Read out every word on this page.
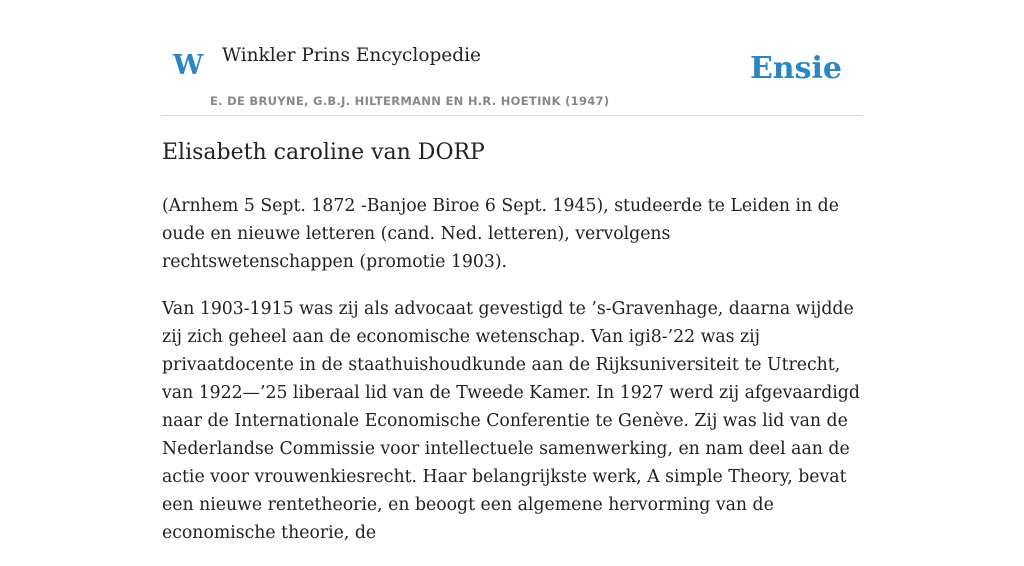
W Winkler Prins Encyclopedie
E. DE BRUYNE, G.B.J. HILTERMANN EN H.R. HOETINK (1947)
Ensie
Elisabeth caroline van DORP

(Arnhem 5 Sept. 1872 -Banjoe Biroe 6 Sept. 1945), studeerde te Leiden in de oude en nieuwe letteren (cand. Ned. letteren), vervolgens rechtswetenschappen (promotie 1903).

Van 1903-1915 was zij als advocaat gevestigd te ’s-Gravenhage, daarna wijdde zij zich geheel aan de economische wetenschap. Van igi8-’22 was zij privaatdocente in de staathuishoudkunde aan de Rijksuniversiteit te Utrecht, van 1922—’25 liberaal lid van de Tweede Kamer. In 1927 werd zij afgevaardigd naar de Internationale Economische Conferentie te Genève. Zij was lid van de Nederlandse Commissie voor intellectuele samenwerking, en nam deel aan de actie voor vrouwenkiesrecht. Haar belangrijkste werk, A simple Theory, bevat een nieuwe rentetheorie, en beoogt een algemene hervorming van de economische theorie, de
